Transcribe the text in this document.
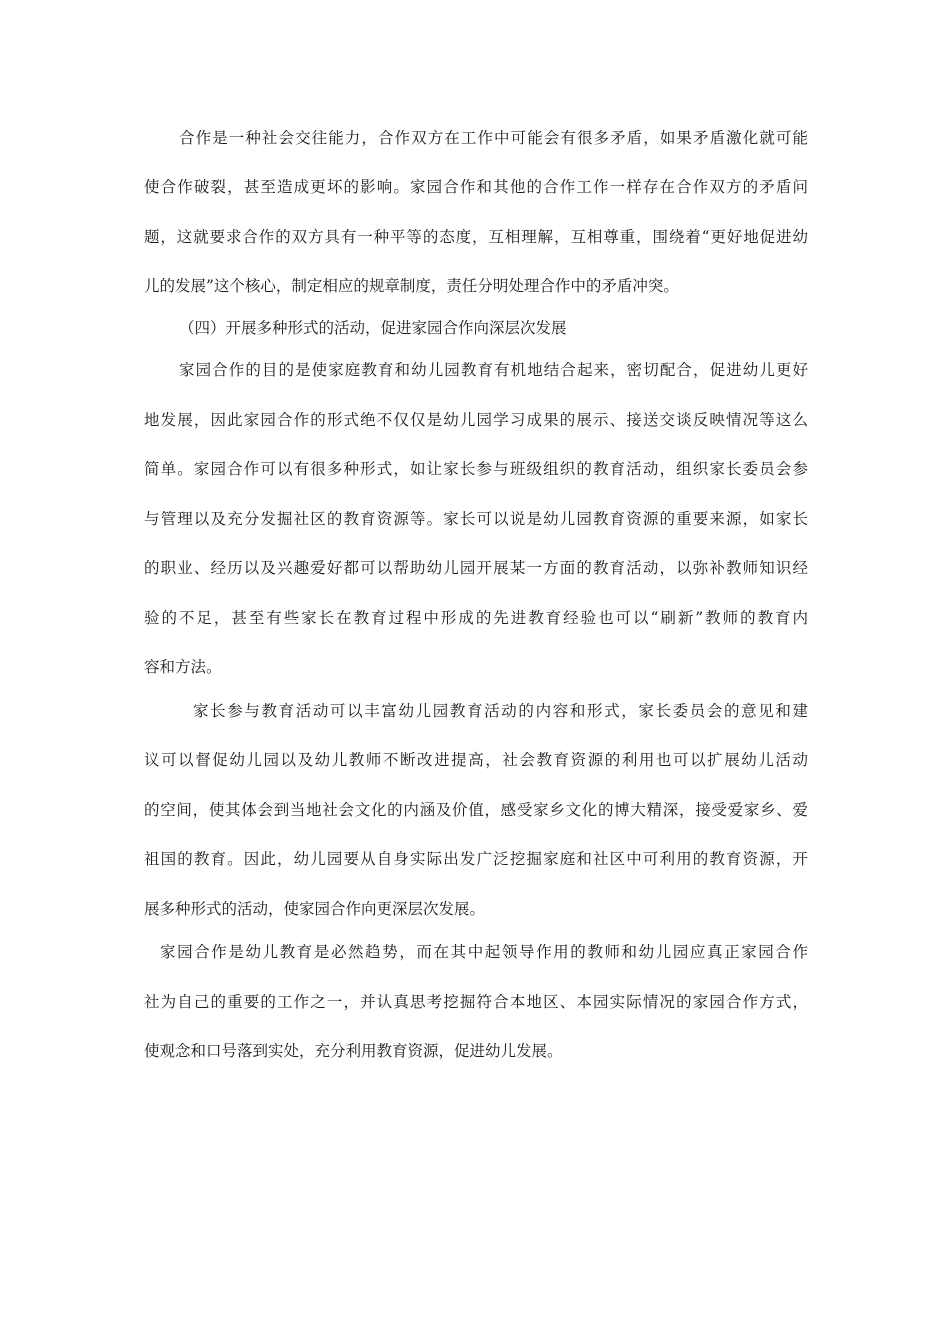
合作是一种社会交往能力，合作双方在工作中可能会有很多矛盾，如果矛盾激化就可能
使合作破裂，甚至造成更坏的影响。家园合作和其他的合作工作一样存在合作双方的矛盾问
题，这就要求合作的双方具有一种平等的态度，互相理解，互相尊重，围绕着“更好地促进幼
儿的发展”这个核心，制定相应的规章制度，责任分明处理合作中的矛盾冲突。
（四）开展多种形式的活动，促进家园合作向深层次发展
家园合作的目的是使家庭教育和幼儿园教育有机地结合起来，密切配合，促进幼儿更好
地发展，因此家园合作的形式绝不仅仅是幼儿园学习成果的展示、接送交谈反映情况等这么
简单。家园合作可以有很多种形式，如让家长参与班级组织的教育活动，组织家长委员会参
与管理以及充分发掘社区的教育资源等。家长可以说是幼儿园教育资源的重要来源，如家长
的职业、经历以及兴趣爱好都可以帮助幼儿园开展某一方面的教育活动，以弥补教师知识经
验的不足，甚至有些家长在教育过程中形成的先进教育经验也可以“刷新”教师的教育内
容和方法。
家长参与教育活动可以丰富幼儿园教育活动的内容和形式，家长委员会的意见和建
议可以督促幼儿园以及幼儿教师不断改进提高，社会教育资源的利用也可以扩展幼儿活动
的空间，使其体会到当地社会文化的内涵及价值，感受家乡文化的博大精深，接受爱家乡、爱
祖国的教育。因此，幼儿园要从自身实际出发广泛挖掘家庭和社区中可利用的教育资源，开
展多种形式的活动，使家园合作向更深层次发展。
家园合作是幼儿教育是必然趋势，而在其中起领导作用的教师和幼儿园应真正家园合作
社为自己的重要的工作之一，并认真思考挖掘符合本地区、本园实际情况的家园合作方式，
使观念和口号落到实处，充分利用教育资源，促进幼儿发展。
